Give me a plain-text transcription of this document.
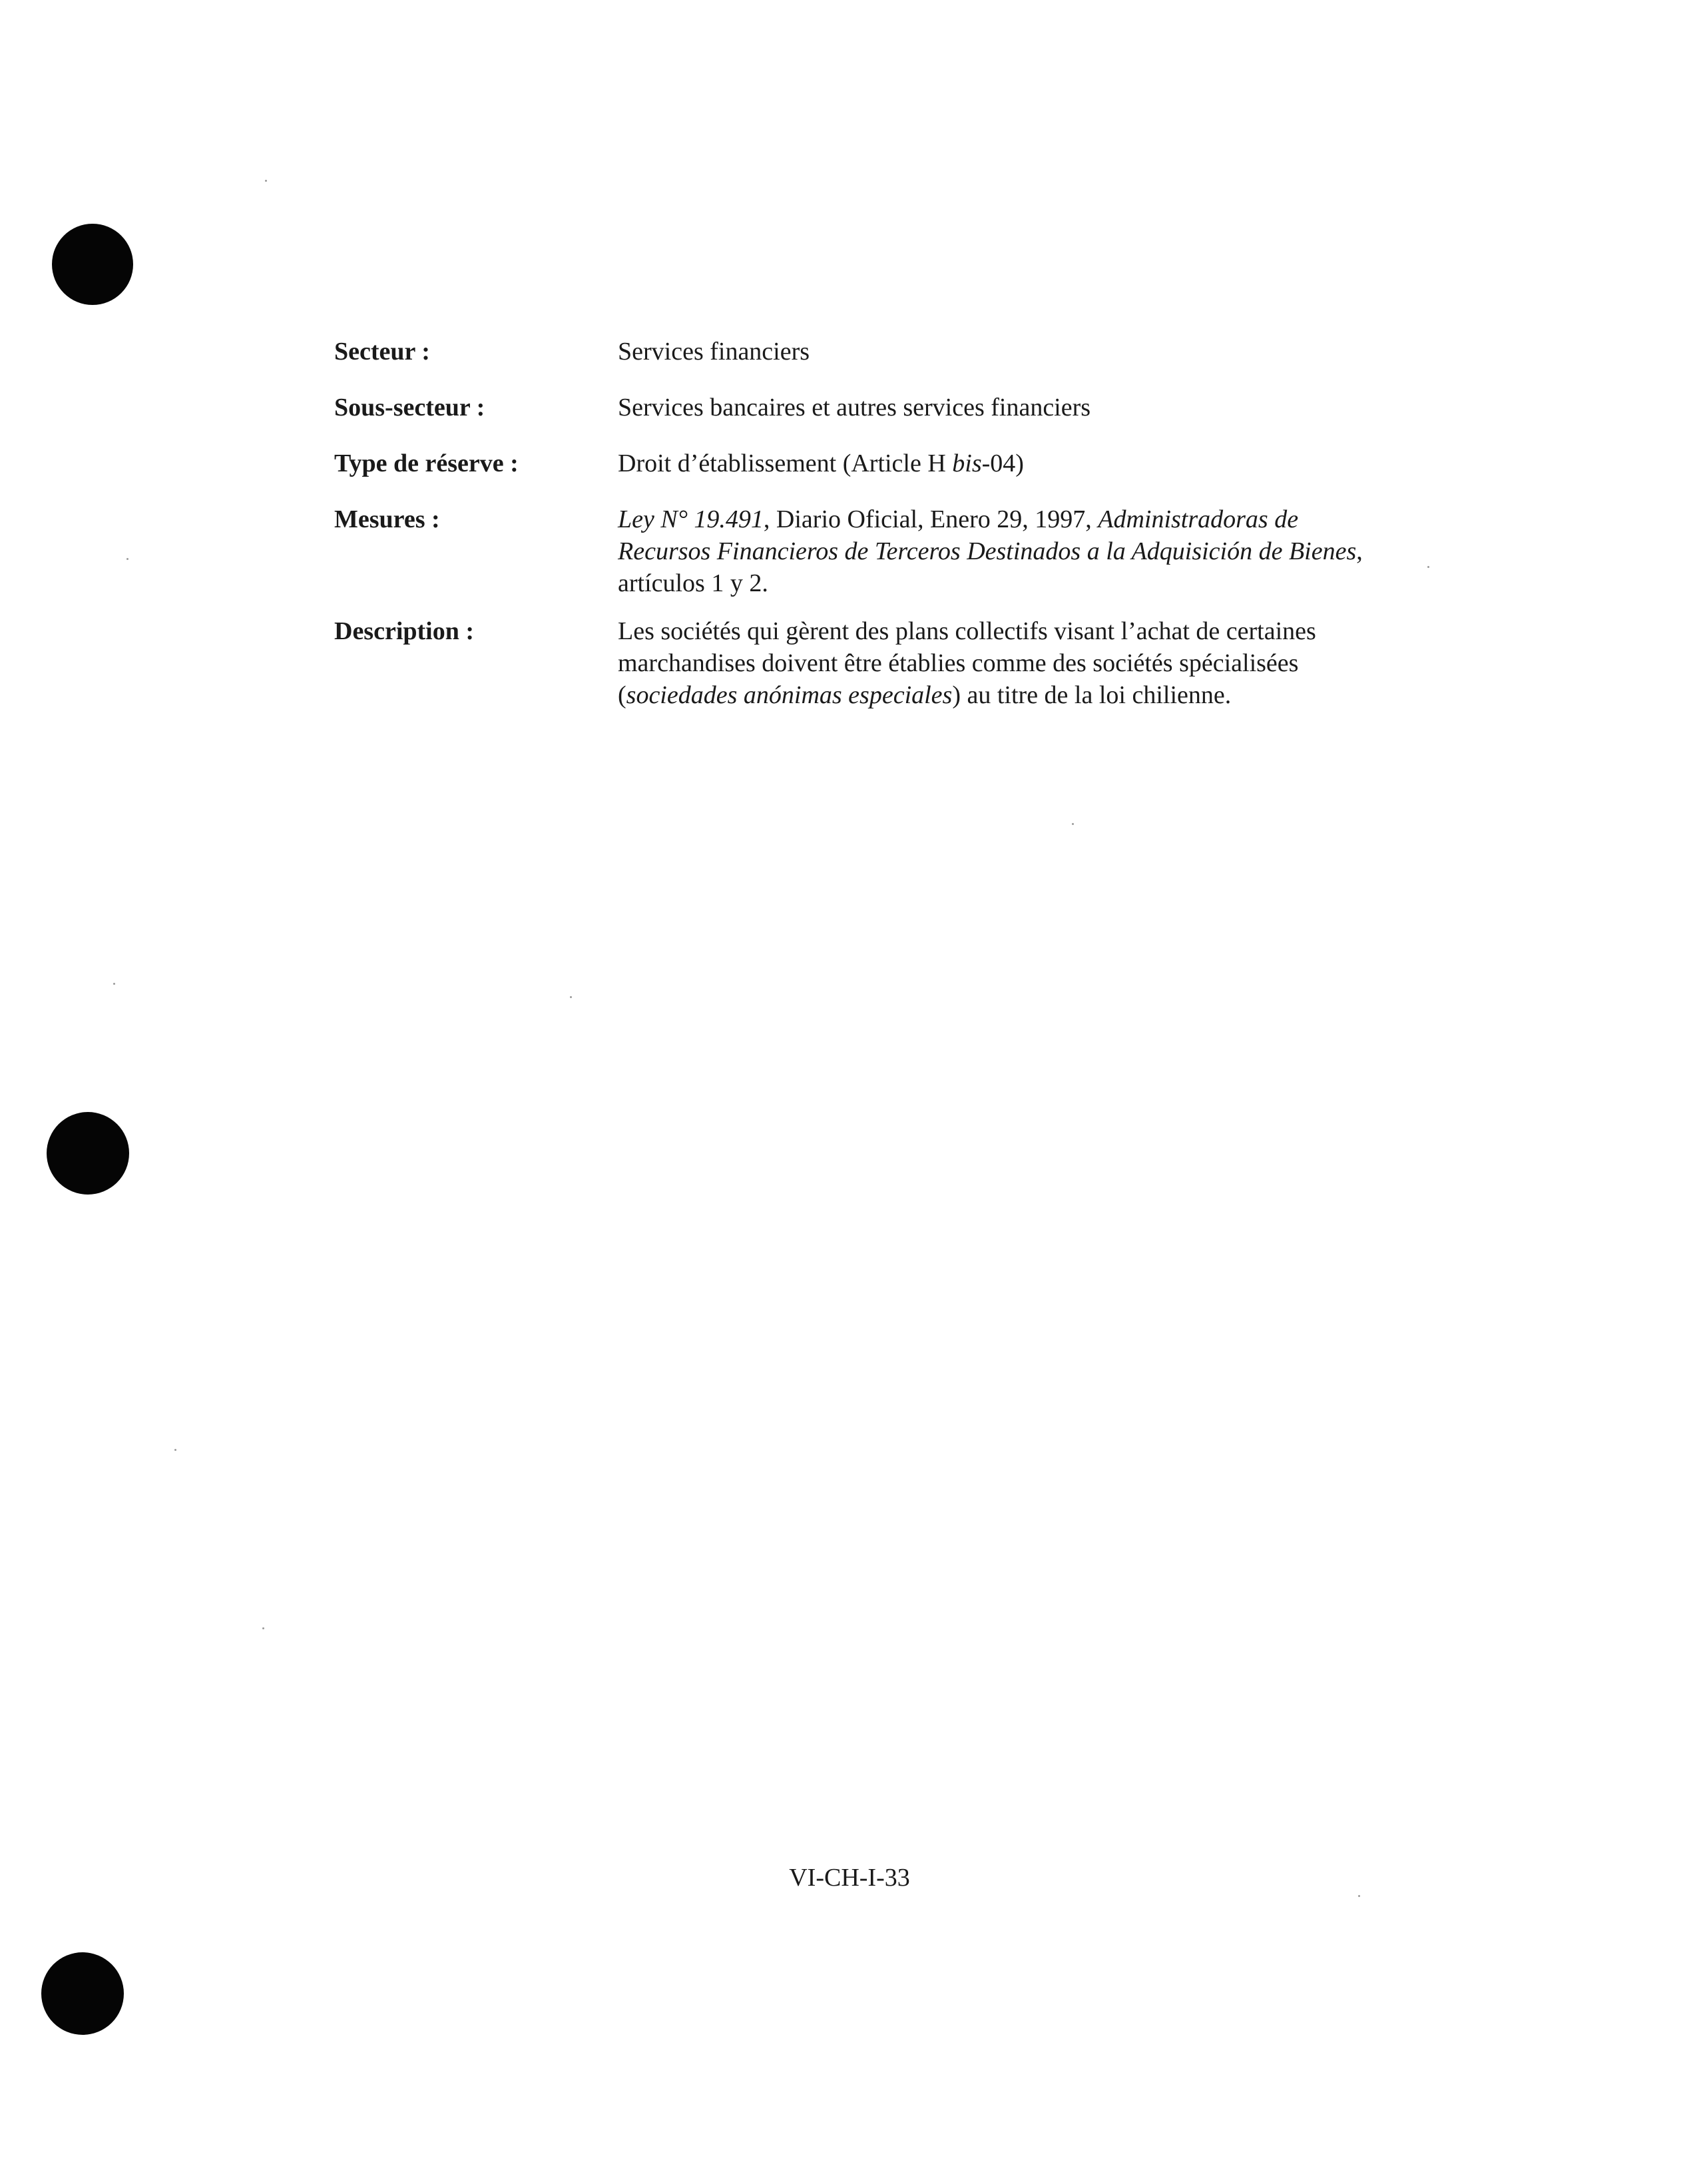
Secteur :	Services financiers
Sous-secteur :	Services bancaires et autres services financiers
Type de réserve :	Droit d’établissement (Article H bis-04)
Mesures :	Ley N° 19.491, Diario Oficial, Enero 29, 1997, Administradoras de Recursos Financieros de Terceros Destinados a la Adquisición de Bienes, artículos 1 y 2.
Description :	Les sociétés qui gèrent des plans collectifs visant l’achat de certaines marchandises doivent être établies comme des sociétés spécialisées (sociedades anónimas especiales) au titre de la loi chilienne.
VI-CH-I-33
